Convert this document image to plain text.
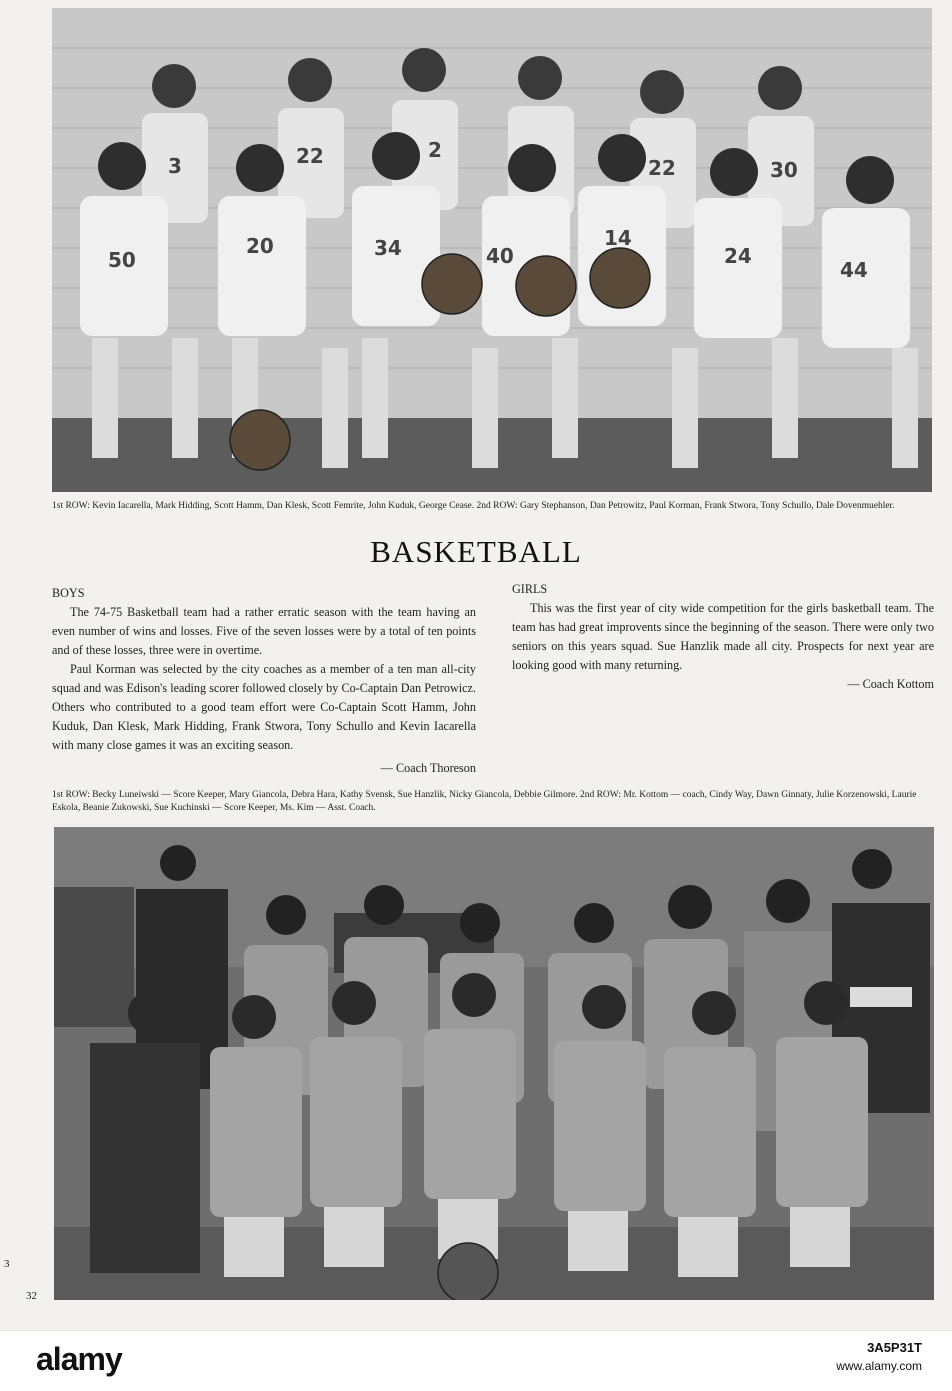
3	22	2
22	30
50
20	34	40
14
24
44
1st ROW: Kevin Iacarella, Mark Hidding, Scott Hamm, Dan Klesk, Scott Femrite, John Kuduk, George Cease. 2nd ROW: Gary Stephanson, Dan Petrowitz, Paul Korman, Frank Stwora, Tony Schullo, Dale Dovenmuehler.
BASKETBALL
BOYS

The 74-75 Basketball team had a rather erratic season with the team having an even number of wins and losses. Five of the seven losses were by a total of ten points and of these losses, three were in overtime.

Paul Korman was selected by the city coaches as a member of a ten man all-city squad and was Edison's leading scorer followed closely by Co-Captain Dan Petrowicz. Others who contributed to a good team effort were Co-Captain Scott Hamm, John Kuduk, Dan Klesk, Mark Hidding, Frank Stwora, Tony Schullo and Kevin Iacarella with many close games it was an exciting season.

— Coach Thoreson
GIRLS

This was the first year of city wide competition for the girls basketball team. The team has had great improvents since the beginning of the season. There were only two seniors on this years squad. Sue Hanzlik made all city. Prospects for next year are looking good with many returning.

— Coach Kottom
1st ROW: Becky Luneiwski — Score Keeper, Mary Giancola, Debra Hara, Kathy Svensk, Sue Hanzlik, Nicky Giancola, Debbie Gilmore. 2nd ROW: Mr. Kottom — coach, Cindy Way, Dawn Ginnaty, Julie Korzenowski, Laurie Eskola, Beanie Zukowski, Sue Kuchinski — Score Keeper, Ms. Kim — Asst. Coach.
3
32
alamy	3A5P31T
www.alamy.com
